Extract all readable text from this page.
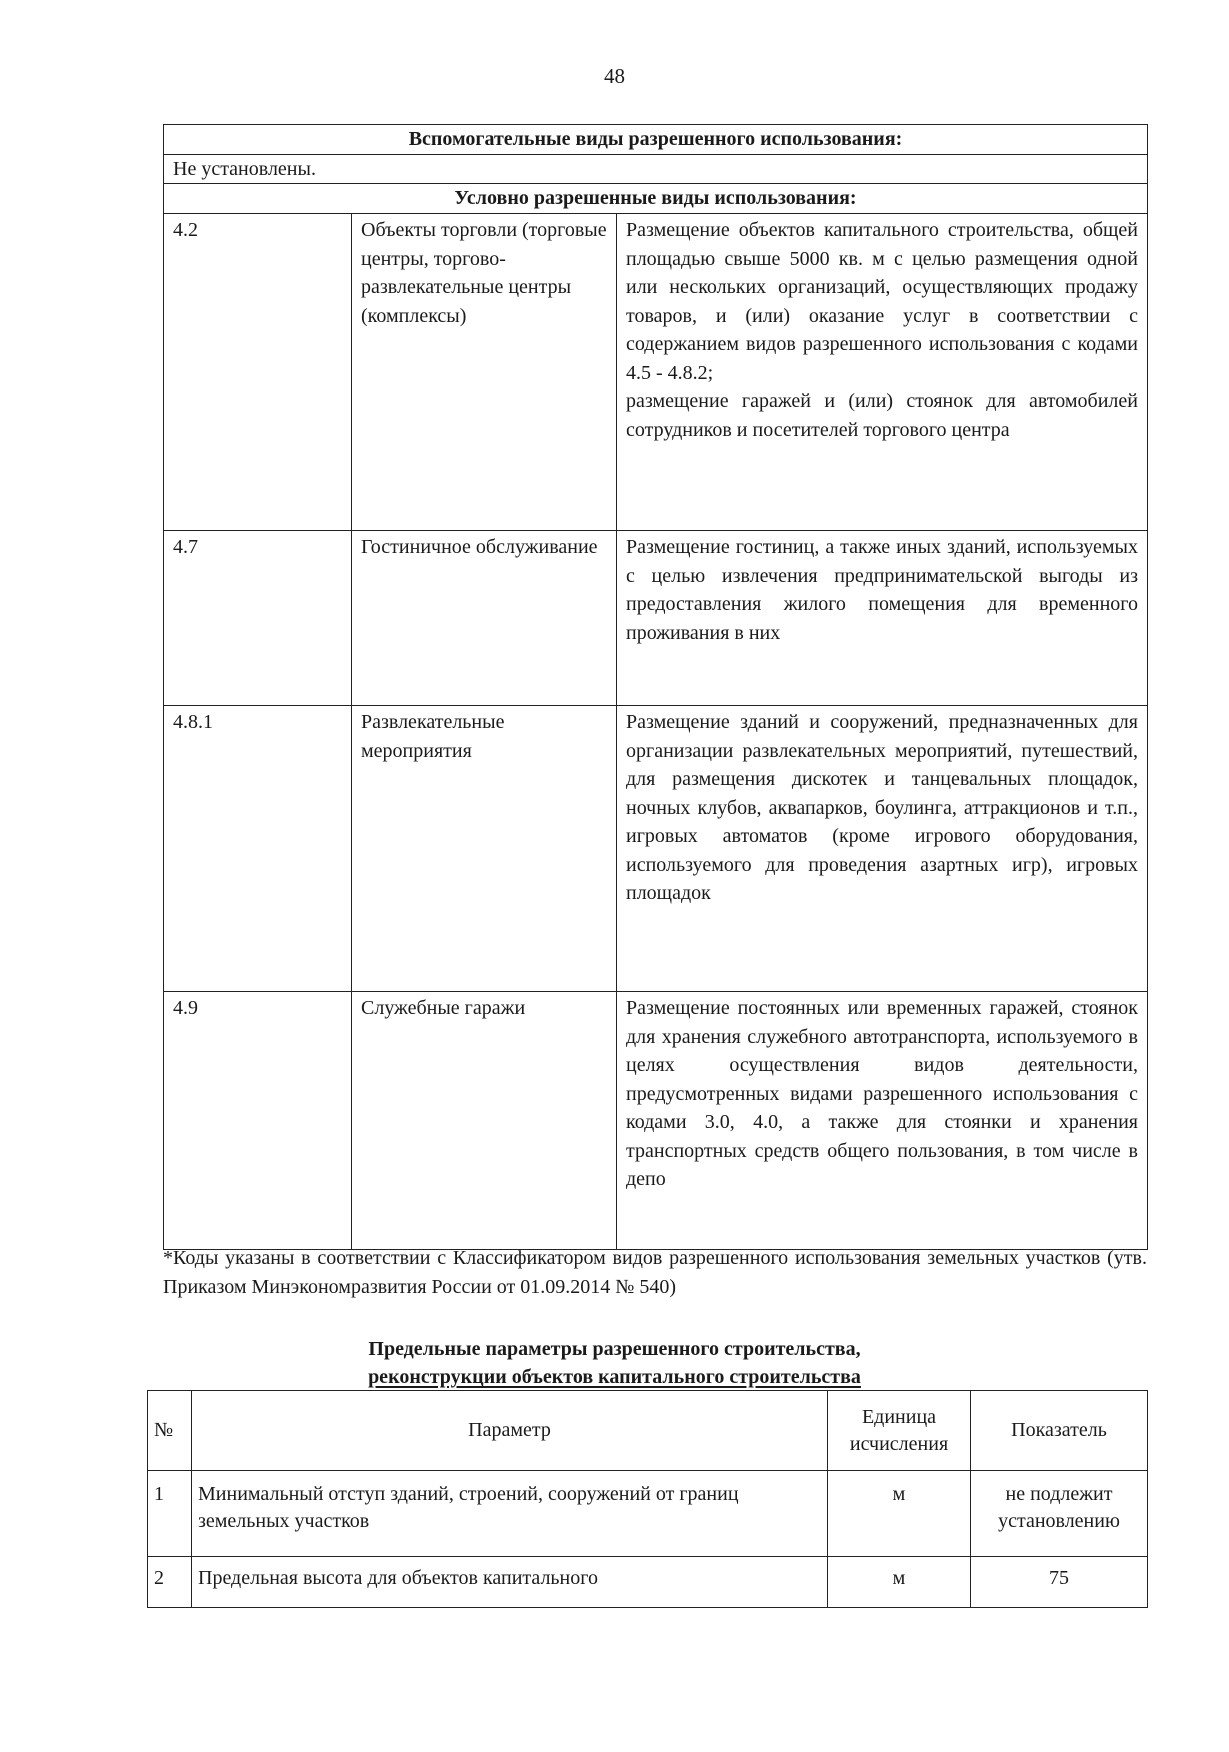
48
Вспомогательные виды разрешенного использования:		
Не установлены.		
Условно разрешенные виды использования:		
4.2	Объекты торговли (торговые центры, торгово-развлекательные центры (комплексы)	Размещение объектов капитального строительства, общей площадью свыше 5000 кв. м с целью размещения одной или нескольких организаций, осуществляющих продажу товаров, и (или) оказание услуг в соответствии с содержанием видов разрешенного использования с кодами 4.5 - 4.8.2;
размещение гаражей и (или) стоянок для автомобилей сотрудников и посетителей торгового центра

4.7	Гостиничное обслуживание	Размещение гостиниц, а также иных зданий, используемых с целью извлечения предпринимательской выгоды из предоставления жилого помещения для временного проживания в них
4.8.1	Развлекательные мероприятия	Размещение зданий и сооружений, предназначенных для организации развлекательных мероприятий, путешествий, для размещения дискотек и танцевальных площадок, ночных клубов, аквапарков, боулинга, аттракционов и т.п., игровых автоматов (кроме игрового оборудования, используемого для проведения азартных игр), игровых площадок
4.9	Служебные гаражи	Размещение постоянных или временных гаражей, стоянок для хранения служебного автотранспорта, используемого в целях осуществления видов деятельности, предусмотренных видами разрешенного использования с кодами 3.0, 4.0, а также для стоянки и хранения транспортных средств общего пользования, в том числе в депо
*Коды указаны в соответствии с Классификатором видов разрешенного использования земельных участков (утв. Приказом Минэкономразвития России от 01.09.2014 № 540)
Предельные параметры разрешенного строительства,
реконструкции объектов капитального строительства
№	Параметр	Единица исчисления	Показатель
1	Минимальный отступ зданий, строений, сооружений от границ земельных участков	м	не подлежит установлению
2	Предельная высота для объектов капитального	м	75
